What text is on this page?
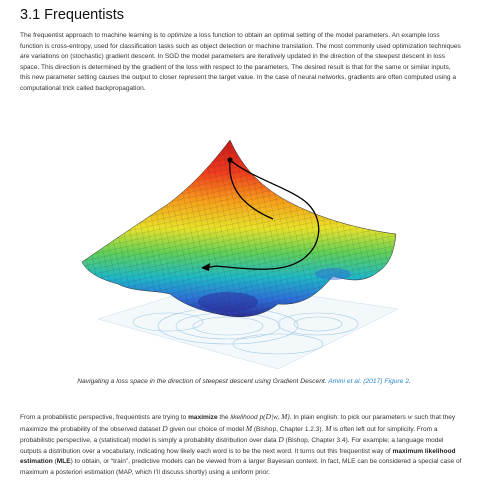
3.1 Frequentists

The frequentist approach to machine learning is to optimize a loss function to obtain an optimal setting of the model parameters. An example loss function is cross-entropy, used for classification tasks such as object detection or machine translation. The most commonly used optimization techniques are variations on (stochastic) gradient descent. In SGD the model parameters are iteratively updated in the direction of the steepest descent in loss space. This direction is determined by the gradient of the loss with respect to the parameters. The desired result is that for the same or similar inputs, this new parameter setting causes the output to closer represent the target value. In the case of neural networks, gradients are often computed using a computational trick called backpropagation.

Navigating a loss space in the direction of steepest descent using Gradient Descent. Amini et al. (2017) Figure 2.

From a probabilistic perspective, frequentists are trying to maximize the likelihood p(D|w, M). In plain english: to pick our parameters w such that they maximize the probability of the observed dataset D given our choice of model M (Bishop, Chapter 1.2.3). M is often left out for simplicity. From a probabilistic perspective, a (statistical) model is simply a probability distribution over data D (Bishop, Chapter 3.4). For example; a language model outputs a distribution over a vocabulary, indicating how likely each word is to be the next word. It turns out this frequentist way of maximum likelihood estimation (MLE) to obtain, or “train”, predictive models can be viewed from a larger Bayesian context. In fact, MLE can be considered a special case of maximum a posteriori estimation (MAP, which I’ll discuss shortly) using a uniform prior.
